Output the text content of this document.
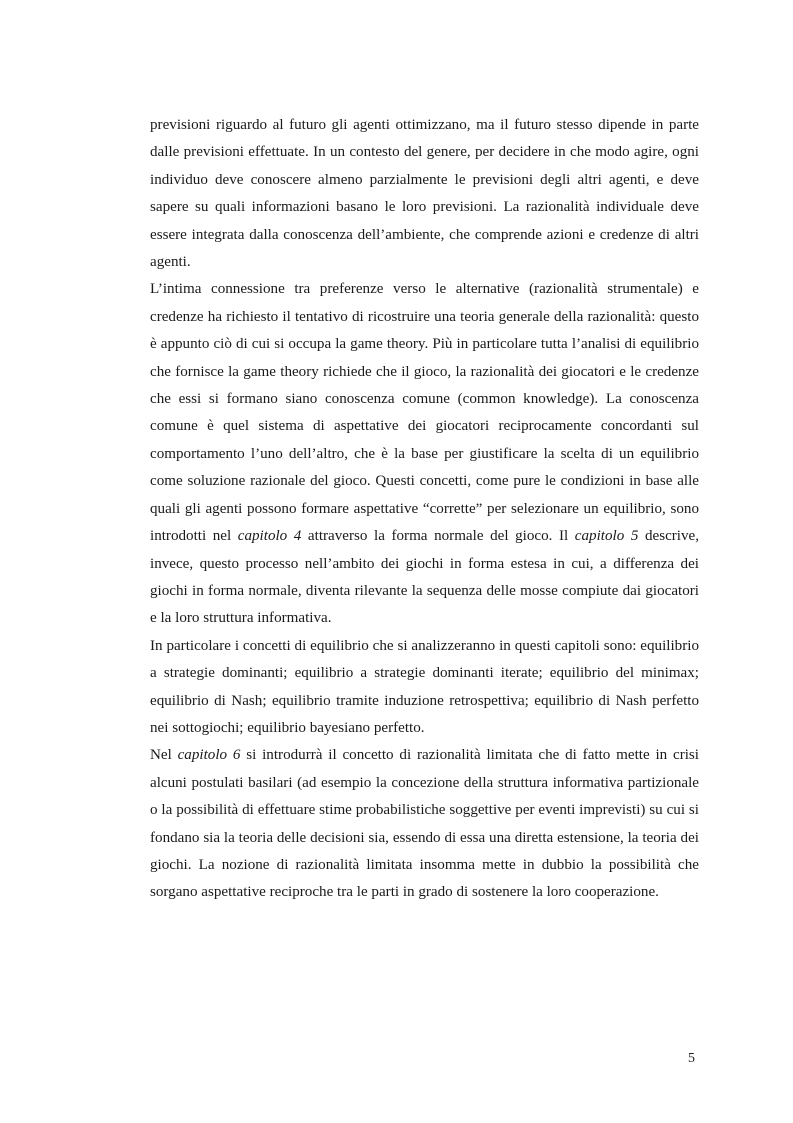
previsioni riguardo al futuro gli agenti ottimizzano, ma il futuro stesso dipende in parte dalle previsioni effettuate. In un contesto del genere, per decidere in che modo agire, ogni individuo deve conoscere almeno parzialmente le previsioni degli altri agenti, e deve sapere su quali informazioni basano le loro previsioni. La razionalità individuale deve essere integrata dalla conoscenza dell’ambiente, che comprende azioni e credenze di altri agenti.

L’intima connessione tra preferenze verso le alternative (razionalità strumentale) e credenze ha richiesto il tentativo di ricostruire una teoria generale della razionalità: questo è appunto ciò di cui si occupa la game theory. Più in particolare tutta l’analisi di equilibrio che fornisce la game theory richiede che il gioco, la razionalità dei giocatori e le credenze che essi si formano siano conoscenza comune (common knowledge). La conoscenza comune è quel sistema di aspettative dei giocatori reciprocamente concordanti sul comportamento l’uno dell’altro, che è la base per giustificare la scelta di un equilibrio come soluzione razionale del gioco. Questi concetti, come pure le condizioni in base alle quali gli agenti possono formare aspettative “corrette” per selezionare un equilibrio, sono introdotti nel capitolo 4 attraverso la forma normale del gioco. Il capitolo 5 descrive, invece, questo processo nell’ambito dei giochi in forma estesa in cui, a differenza dei giochi in forma normale, diventa rilevante la sequenza delle mosse compiute dai giocatori e la loro struttura informativa.

In particolare i concetti di equilibrio che si analizzeranno in questi capitoli sono: equilibrio a strategie dominanti; equilibrio a strategie dominanti iterate; equilibrio del minimax; equilibrio di Nash; equilibrio tramite induzione retrospettiva; equilibrio di Nash perfetto nei sottogiochi; equilibrio bayesiano perfetto.

Nel capitolo 6 si introdurrà il concetto di razionalità limitata che di fatto mette in crisi alcuni postulati basilari (ad esempio la concezione della struttura informativa partizionale o la possibilità di effettuare stime probabilistiche soggettive per eventi imprevisti) su cui si fondano sia la teoria delle decisioni sia, essendo di essa una diretta estensione, la teoria dei giochi. La nozione di razionalità limitata insomma mette in dubbio la possibilità che sorgano aspettative reciproche tra le parti in grado di sostenere la loro cooperazione.

5
